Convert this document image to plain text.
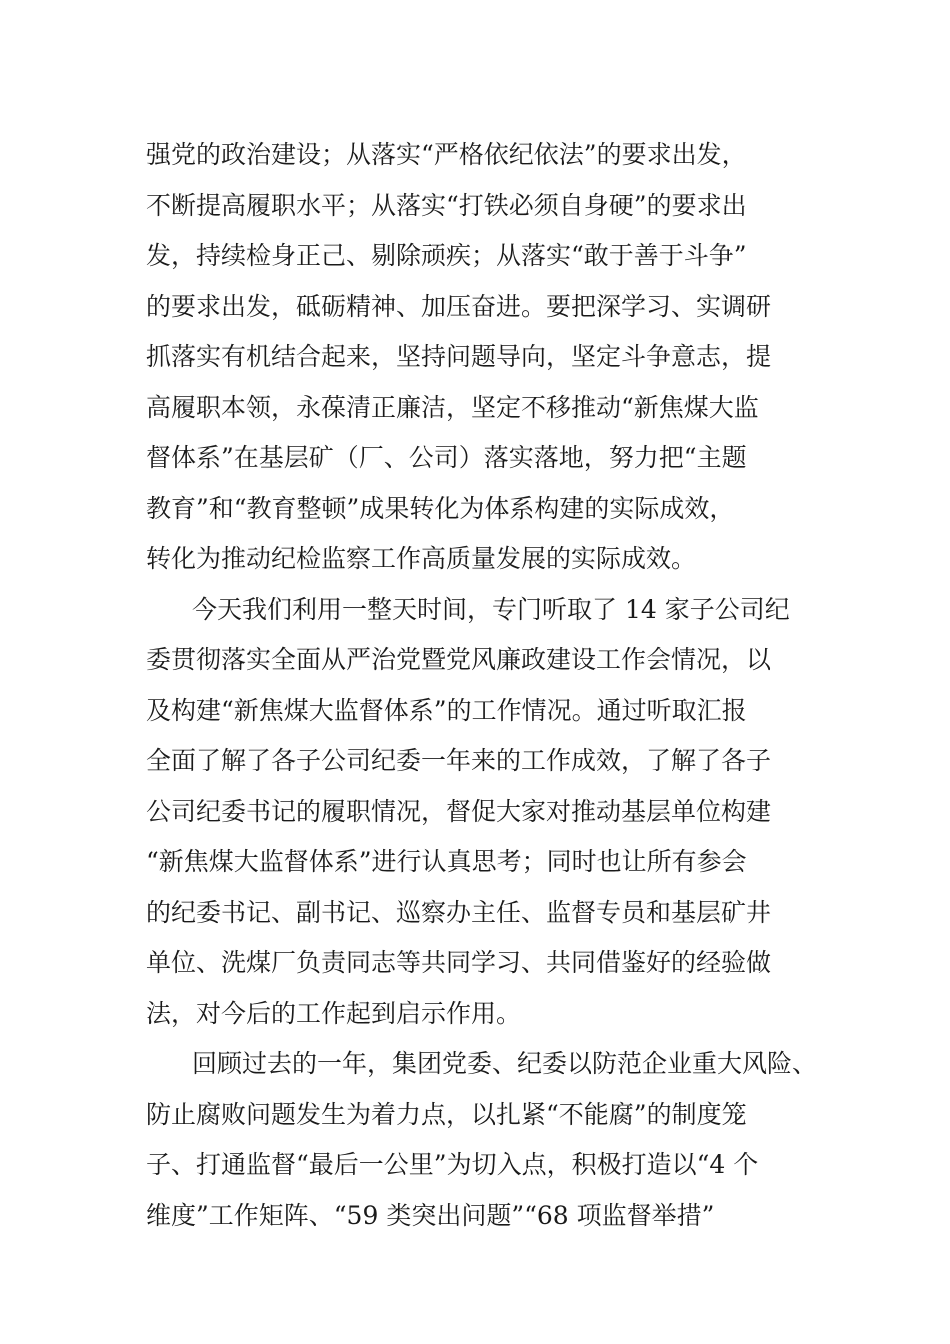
强党的政治建设；从落实“严格依纪依法”的要求出发，
不断提高履职水平；从落实“打铁必须自身硬”的要求出
发，持续检身正己、剔除顽疾；从落实“敢于善于斗争”
的要求出发，砥砺精神、加压奋进。要把深学习、实调研
抓落实有机结合起来，坚持问题导向，坚定斗争意志，提
高履职本领，永葆清正廉洁，坚定不移推动“新焦煤大监
督体系”在基层矿（厂、公司）落实落地，努力把“主题
教育”和“教育整顿”成果转化为体系构建的实际成效，
转化为推动纪检监察工作高质量发展的实际成效。
今天我们利用一整天时间，专门听取了 14 家子公司纪
委贯彻落实全面从严治党暨党风廉政建设工作会情况，以
及构建“新焦煤大监督体系”的工作情况。通过听取汇报
全面了解了各子公司纪委一年来的工作成效，了解了各子
公司纪委书记的履职情况，督促大家对推动基层单位构建
“新焦煤大监督体系”进行认真思考；同时也让所有参会
的纪委书记、副书记、巡察办主任、监督专员和基层矿井
单位、洗煤厂负责同志等共同学习、共同借鉴好的经验做
法，对今后的工作起到启示作用。
回顾过去的一年，集团党委、纪委以防范企业重大风险、
防止腐败问题发生为着力点，以扎紧“不能腐”的制度笼
子、打通监督“最后一公里”为切入点，积极打造以“4 个
维度”工作矩阵、“59 类突出问题”“68 项监督举措”
